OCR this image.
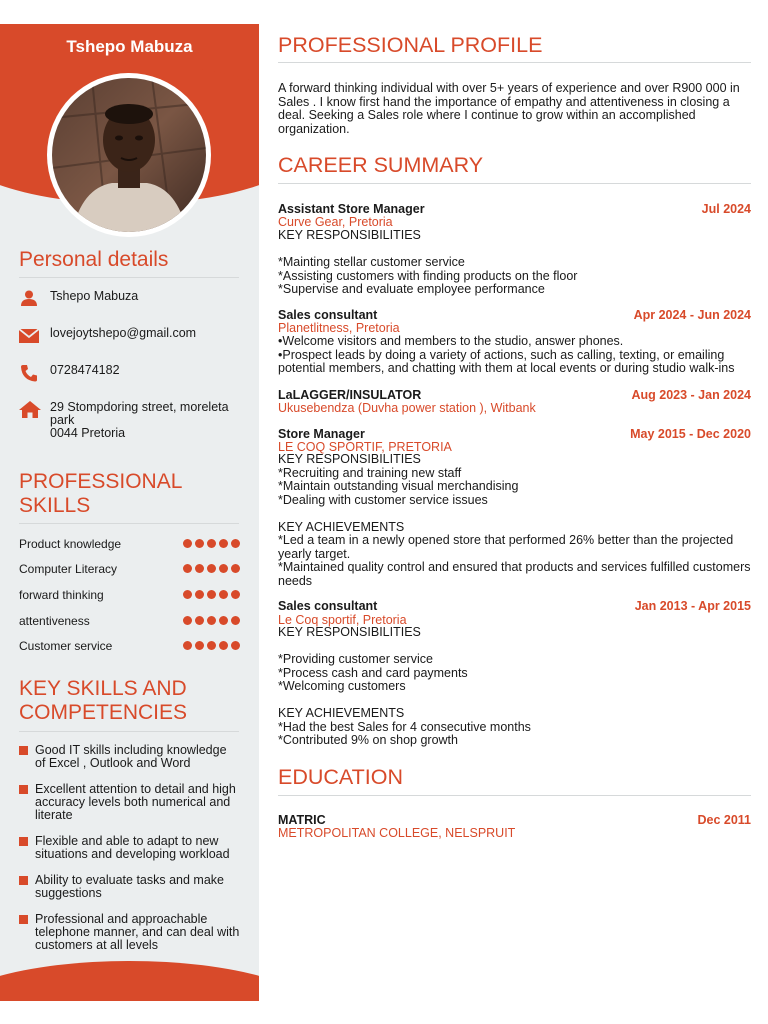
Tshepo Mabuza
Personal details
Tshepo Mabuza
lovejoytshepo@gmail.com
0728474182
29 Stompdoring street, moreleta park
0044 Pretoria
PROFESSIONAL SKILLS
Product knowledge
Computer Literacy
forward thinking
attentiveness
Customer service
KEY SKILLS AND COMPETENCIES
Good IT skills including knowledge of Excel , Outlook and Word
Excellent attention to detail and high accuracy levels both numerical and literate
Flexible and able to adapt to new situations and developing workload
Ability to evaluate tasks and make suggestions
Professional and approachable telephone manner, and can deal with customers at all levels
PROFESSIONAL PROFILE
A forward thinking individual with over 5+ years of experience and over R900 000 in Sales . I know first hand the importance of empathy and attentiveness in closing a deal. Seeking a Sales role where I continue to grow within an accomplished organization.
CAREER SUMMARY
Assistant Store Manager	Jul 2024
Curve Gear, Pretoria
KEY RESPONSIBILITIES

*Mainting stellar customer service
*Assisting customers with finding products on the floor
*Supervise and evaluate employee performance
Sales consultant	Apr 2024 - Jun 2024
Planetlitness, Pretoria
•Welcome visitors and members to the studio, answer phones.
•Prospect leads by doing a variety of actions, such as calling, texting, or emailing potential members, and chatting with them at local events or during studio walk-ins
LaLAGGER/INSULATOR	Aug 2023 - Jan 2024
Ukusebendza (Duvha power station ), Witbank
Store Manager	May 2015 - Dec 2020
LE COQ SPORTIF, PRETORIA
KEY RESPONSIBILITIES
*Recruiting and training new staff
*Maintain outstanding visual merchandising
*Dealing with customer service issues

KEY ACHIEVEMENTS
*Led a team in a newly opened store that performed 26% better than the projected yearly target.
*Maintained quality control and ensured that products and services fulfilled customers needs
Sales consultant	Jan 2013 - Apr 2015
Le Coq sportif, Pretoria
KEY RESPONSIBILITIES

*Providing customer service
*Process cash and card payments
*Welcoming customers

KEY ACHIEVEMENTS
*Had the best Sales for 4 consecutive months
*Contributed 9% on shop growth
EDUCATION
MATRIC	Dec 2011
METROPOLITAN COLLEGE, NELSPRUIT
